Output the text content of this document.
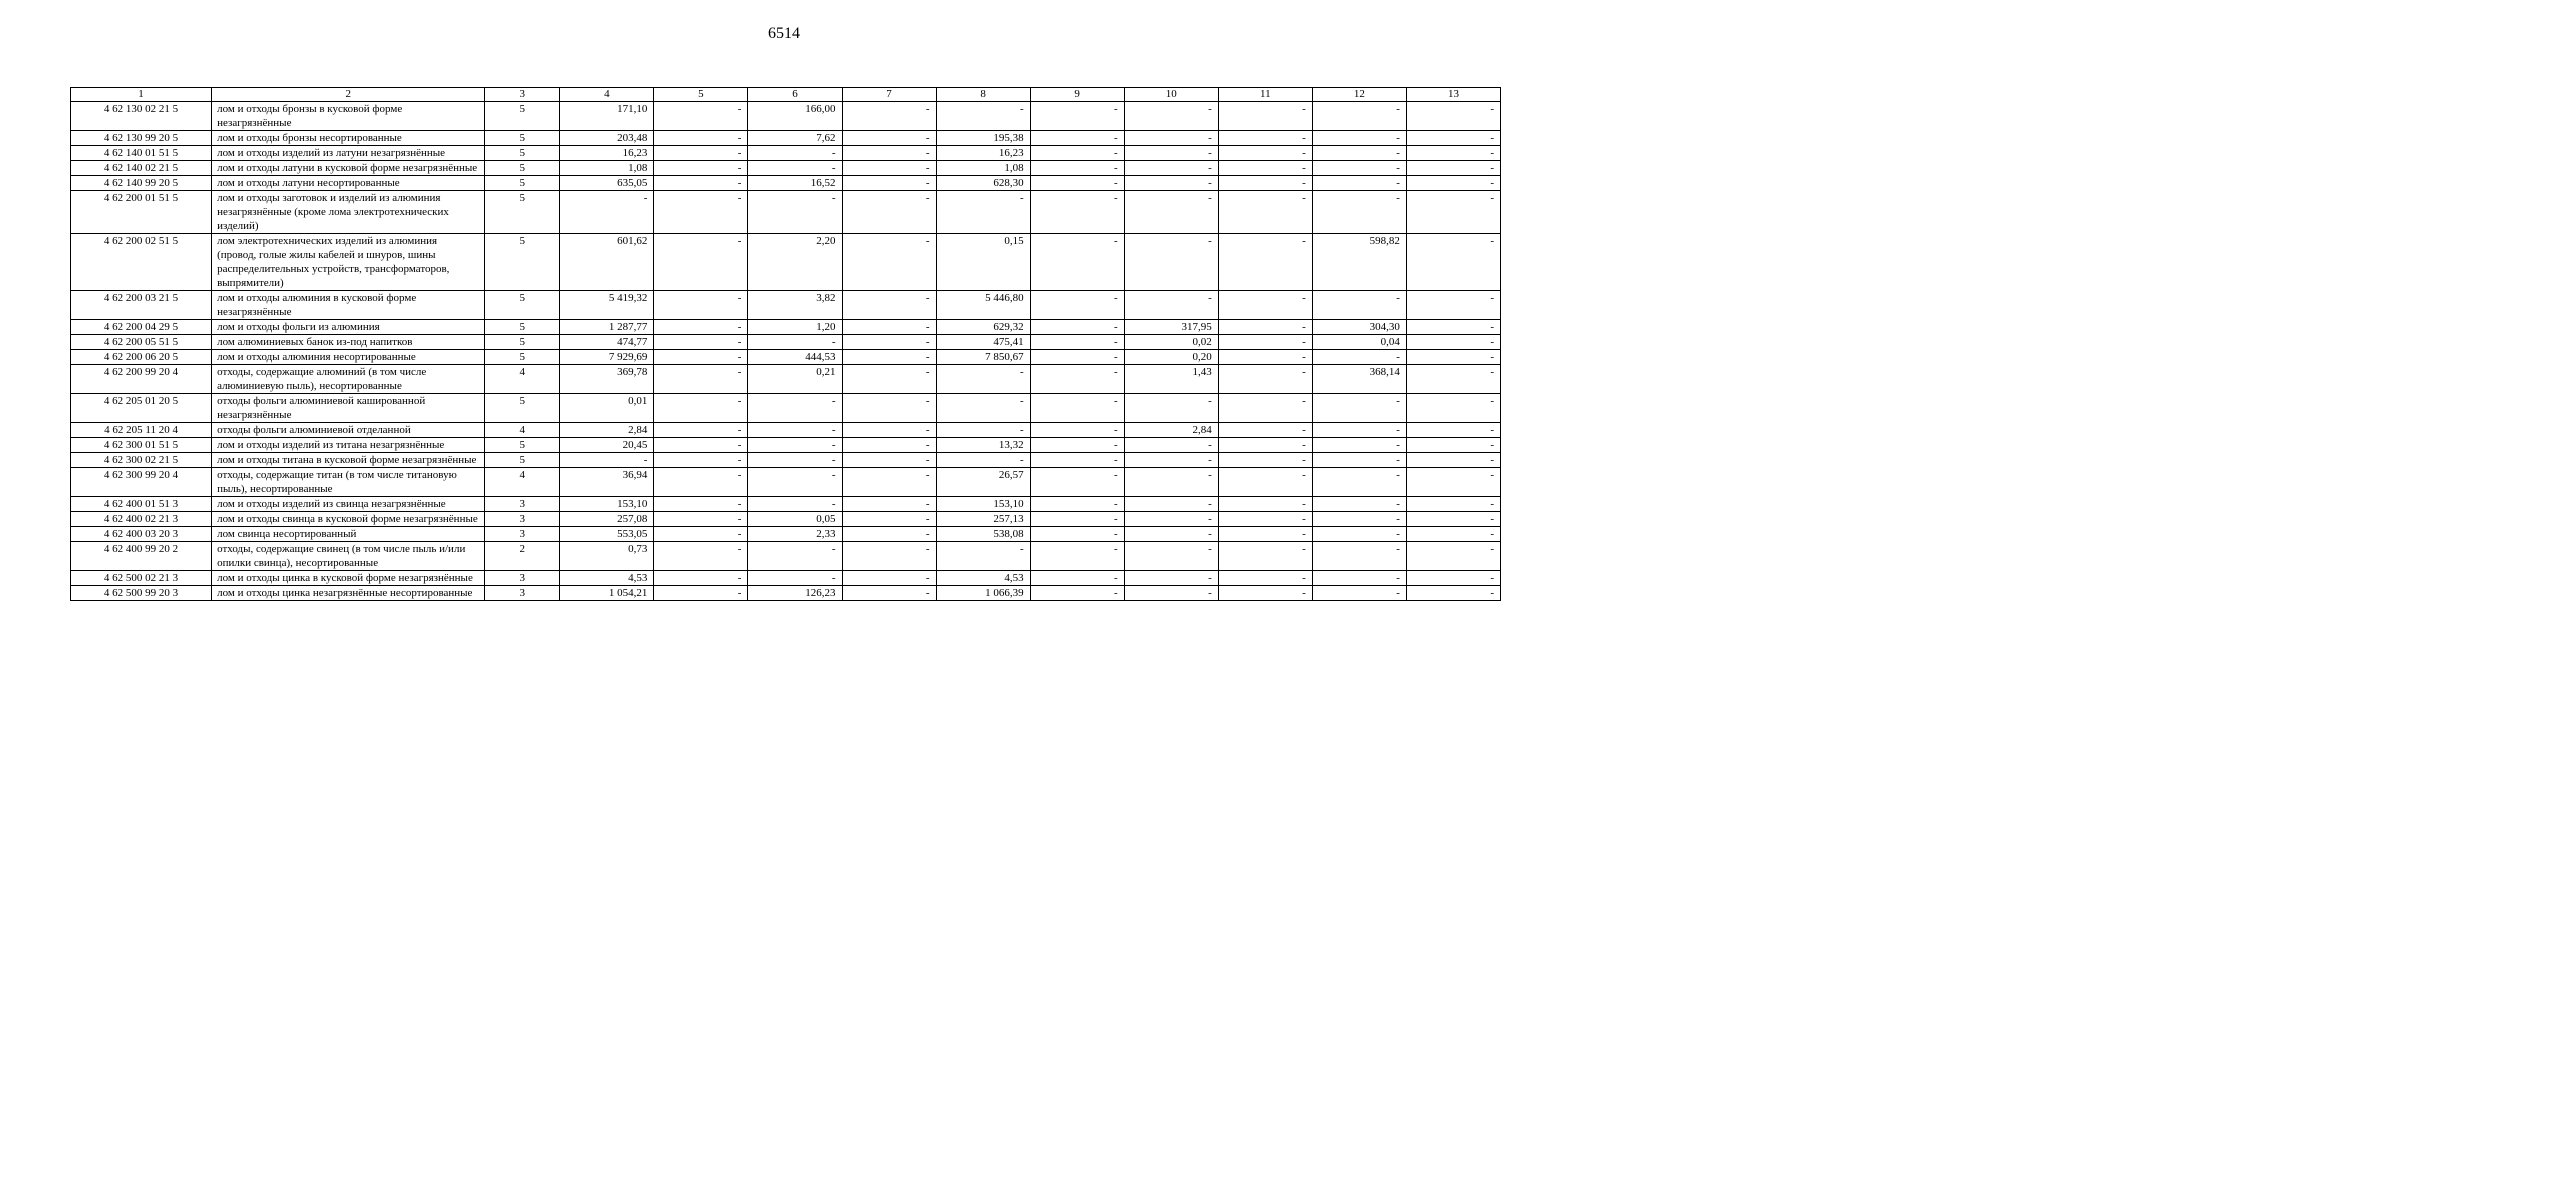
6514
1	2	3	4	5	6	7	8	9	10	11	12	13
4 62 130 02 21 5	лом и отходы бронзы в кусковой форме незагрязнённые	5	171,10	-	166,00	-	-	-	-	-	-	-
4 62 130 99 20 5	лом и отходы бронзы несортированные	5	203,48	-	7,62	-	195,38	-	-	-	-	-
4 62 140 01 51 5	лом и отходы изделий из латуни незагрязнённые	5	16,23	-	-	-	16,23	-	-	-	-	-
4 62 140 02 21 5	лом и отходы латуни в кусковой форме незагрязнённые	5	1,08	-	-	-	1,08	-	-	-	-	-
4 62 140 99 20 5	лом и отходы латуни несортированные	5	635,05	-	16,52	-	628,30	-	-	-	-	-
4 62 200 01 51 5	лом и отходы заготовок и изделий из алюминия незагрязнённые (кроме лома электротехнических изделий)	5	-	-	-	-	-	-	-	-	-	-
4 62 200 02 51 5	лом электротехнических изделий из алюминия (провод, голые жилы кабелей и шнуров, шины распределительных устройств, трансформаторов, выпрямители)	5	601,62	-	2,20	-	0,15	-	-	-	598,82	-
4 62 200 03 21 5	лом и отходы алюминия в кусковой форме незагрязнённые	5	5 419,32	-	3,82	-	5 446,80	-	-	-	-	-
4 62 200 04 29 5	лом и отходы фольги из алюминия	5	1 287,77	-	1,20	-	629,32	-	317,95	-	304,30	-
4 62 200 05 51 5	лом алюминиевых банок из-под напитков	5	474,77	-	-	-	475,41	-	0,02	-	0,04	-
4 62 200 06 20 5	лом и отходы алюминия несортированные	5	7 929,69	-	444,53	-	7 850,67	-	0,20	-	-	-
4 62 200 99 20 4	отходы, содержащие алюминий (в том числе алюминиевую пыль), несортированные	4	369,78	-	0,21	-	-	-	1,43	-	368,14	-
4 62 205 01 20 5	отходы фольги алюминиевой кашированной незагрязнённые	5	0,01	-	-	-	-	-	-	-	-	-
4 62 205 11 20 4	отходы фольги алюминиевой отделанной	4	2,84	-	-	-	-	-	2,84	-	-	-
4 62 300 01 51 5	лом и отходы изделий из титана незагрязнённые	5	20,45	-	-	-	13,32	-	-	-	-	-
4 62 300 02 21 5	лом и отходы титана в кусковой форме незагрязнённые	5	-	-	-	-	-	-	-	-	-	-
4 62 300 99 20 4	отходы, содержащие титан (в том числе титановую пыль), несортированные	4	36,94	-	-	-	26,57	-	-	-	-	-
4 62 400 01 51 3	лом и отходы изделий из свинца незагрязнённые	3	153,10	-	-	-	153,10	-	-	-	-	-
4 62 400 02 21 3	лом и отходы свинца в кусковой форме незагрязнённые	3	257,08	-	0,05	-	257,13	-	-	-	-	-
4 62 400 03 20 3	лом свинца несортированный	3	553,05	-	2,33	-	538,08	-	-	-	-	-
4 62 400 99 20 2	отходы, содержащие свинец (в том числе пыль и/или опилки свинца), несортированные	2	0,73	-	-	-	-	-	-	-	-	-
4 62 500 02 21 3	лом и отходы цинка в кусковой форме незагрязнённые	3	4,53	-	-	-	4,53	-	-	-	-	-
4 62 500 99 20 3	лом и отходы цинка незагрязнённые несортированные	3	1 054,21	-	126,23	-	1 066,39	-	-	-	-	-
